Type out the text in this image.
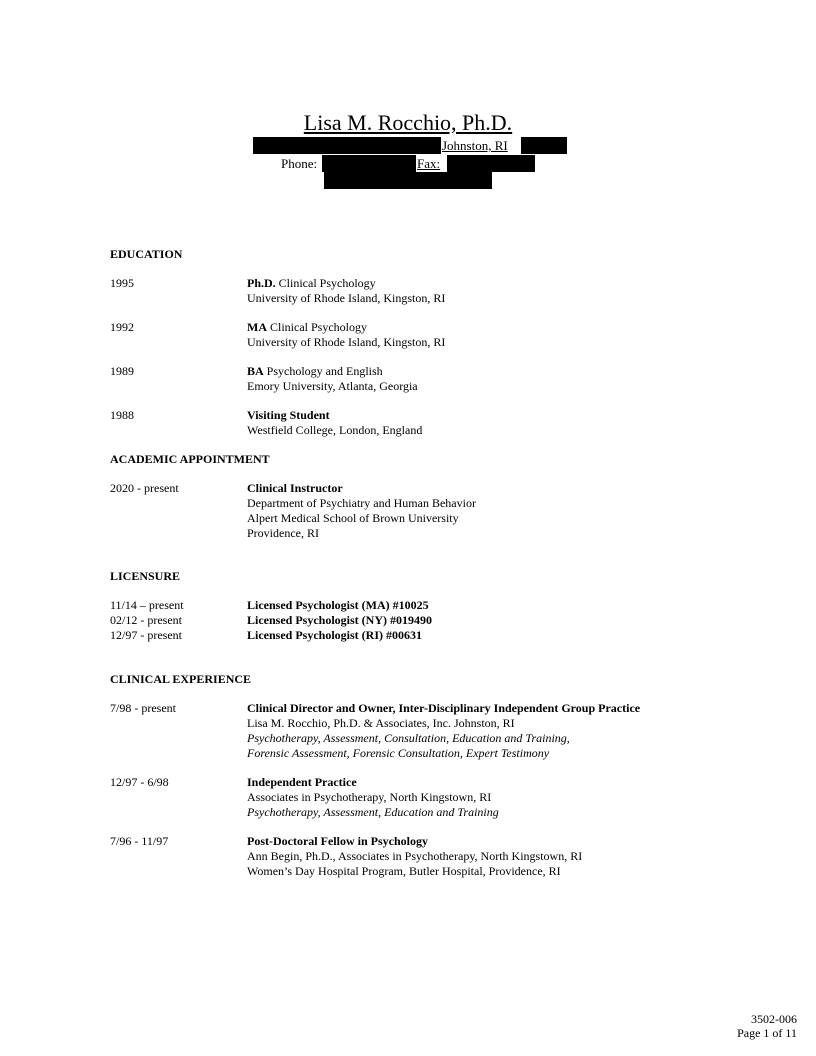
Lisa M. Rocchio, Ph.D.
Johnston, RI
Phone:	Fax:
EDUCATION
1995	Ph.D. Clinical Psychology
University of Rhode Island, Kingston, RI
1992	MA Clinical Psychology
University of Rhode Island, Kingston, RI
1989	BA Psychology and English
Emory University, Atlanta, Georgia
1988	Visiting Student
Westfield College, London, England
ACADEMIC APPOINTMENT
2020 - present	Clinical Instructor
Department of Psychiatry and Human Behavior
Alpert Medical School of Brown University
Providence, RI
LICENSURE
11/14 – present	Licensed Psychologist (MA) #10025
02/12 - present	Licensed Psychologist (NY) #019490
12/97 - present	Licensed Psychologist (RI) #00631
CLINICAL EXPERIENCE
7/98 - present	Clinical Director and Owner, Inter-Disciplinary Independent Group Practice
Lisa M. Rocchio, Ph.D. & Associates, Inc. Johnston, RI
Psychotherapy, Assessment, Consultation, Education and Training,
Forensic Assessment, Forensic Consultation, Expert Testimony
12/97 - 6/98	Independent Practice
Associates in Psychotherapy, North Kingstown, RI
Psychotherapy, Assessment, Education and Training
7/96 - 11/97	Post-Doctoral Fellow in Psychology
Ann Begin, Ph.D., Associates in Psychotherapy, North Kingstown, RI
Women’s Day Hospital Program, Butler Hospital, Providence, RI
3502-006
Page 1 of 11
